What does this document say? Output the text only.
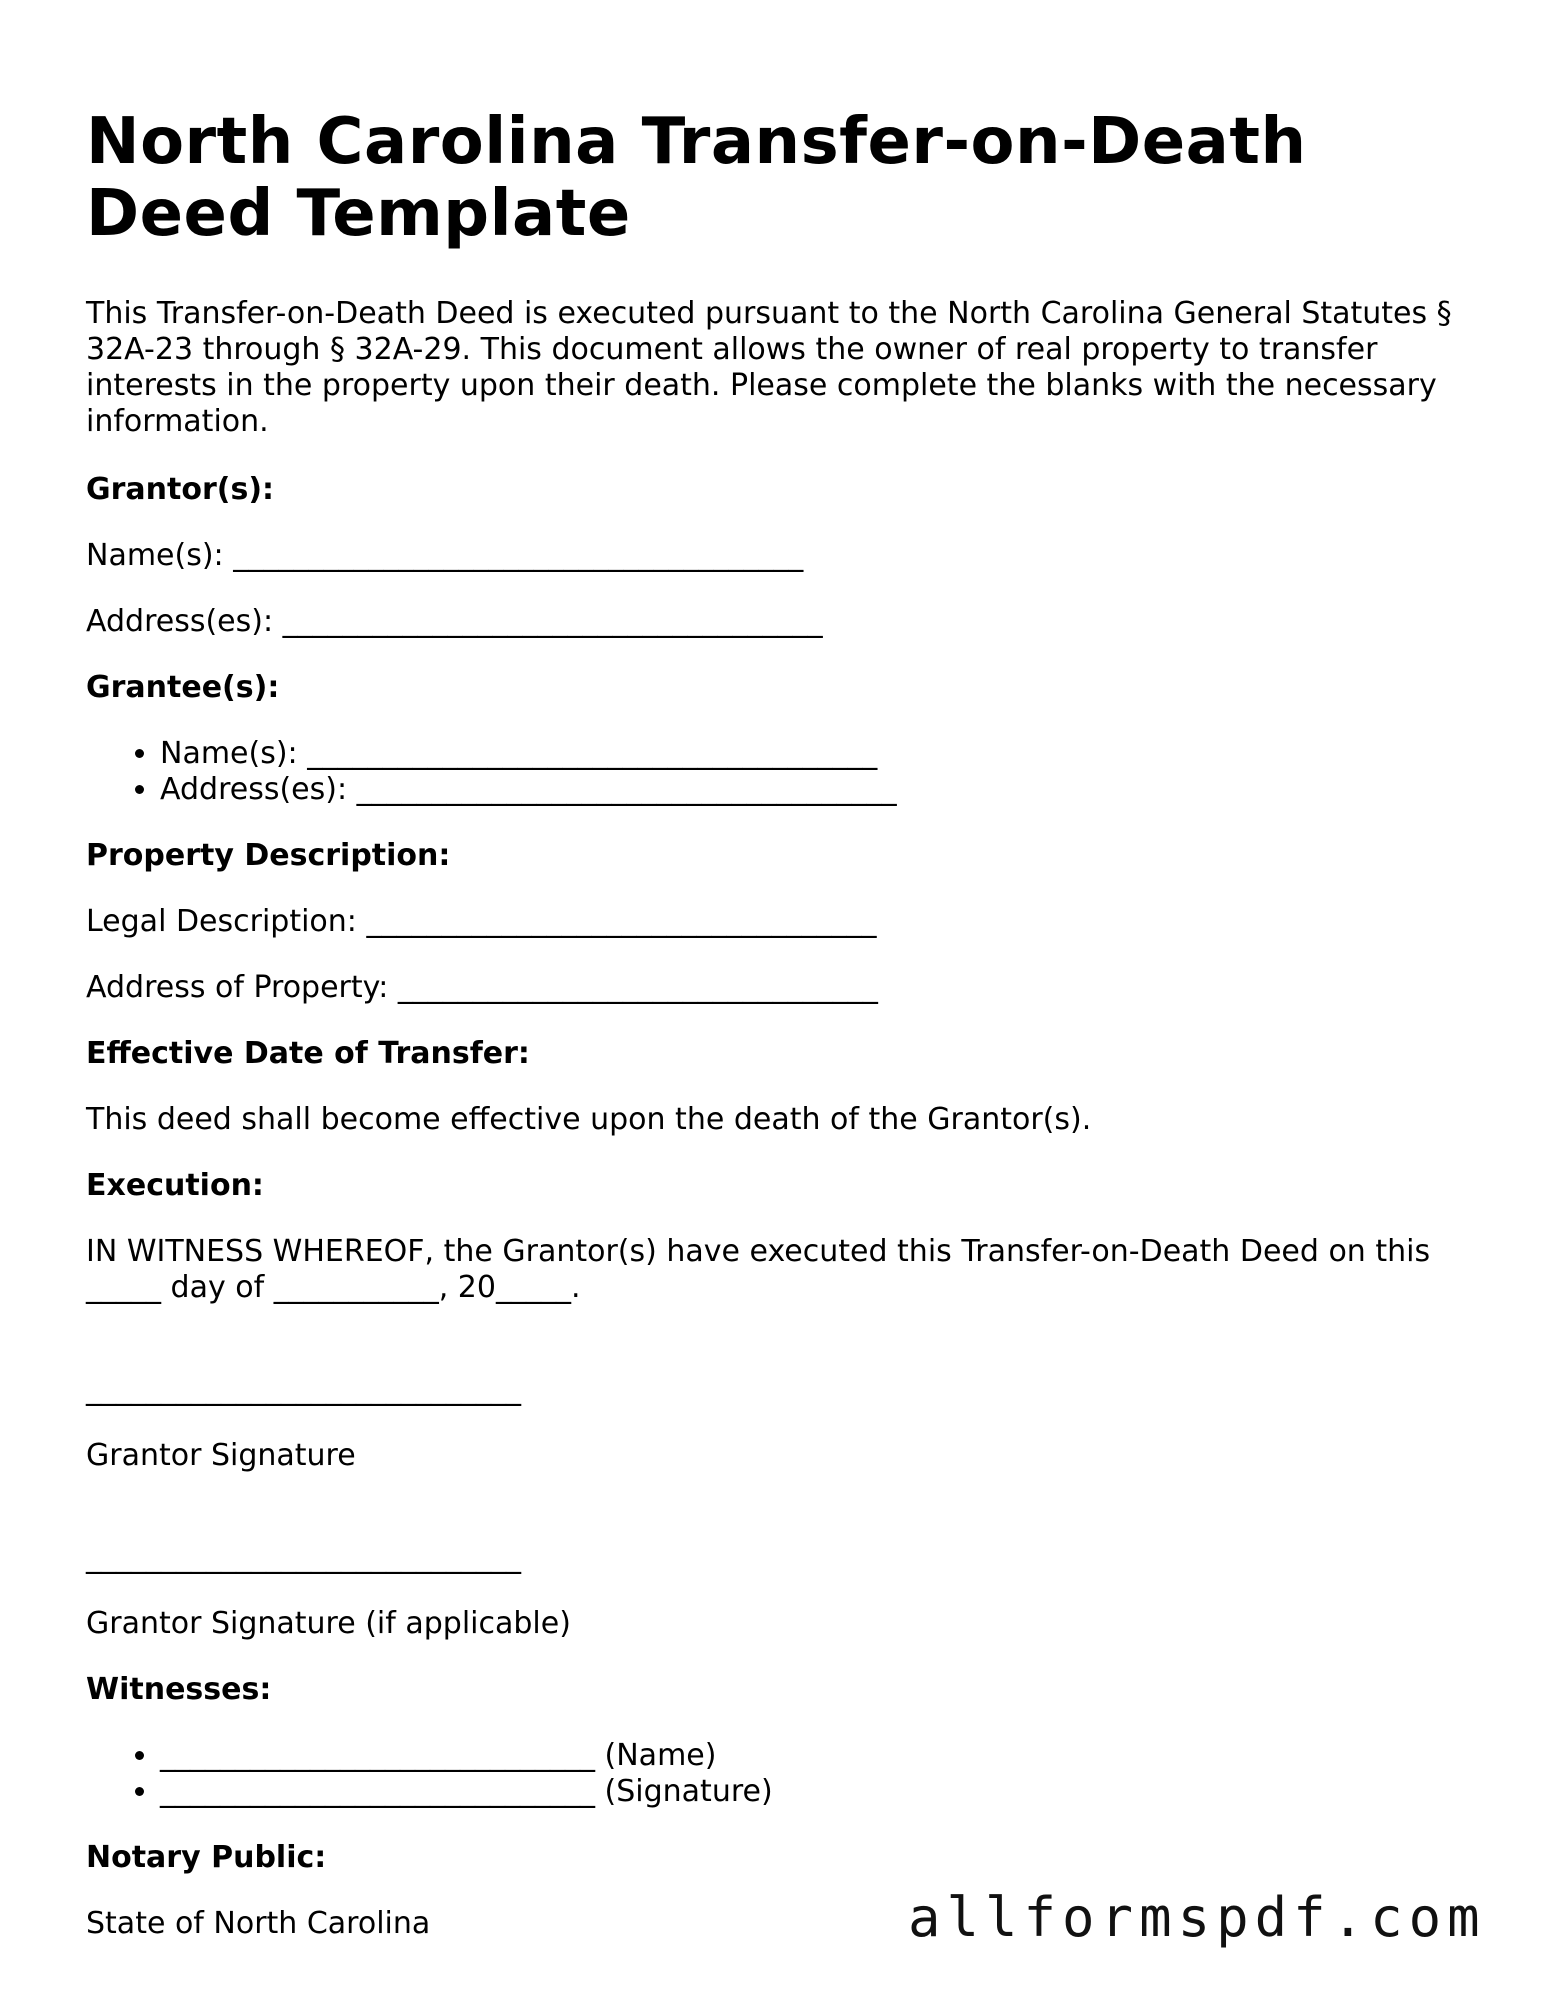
North Carolina Transfer-on-Death Deed Template

This Transfer-on-Death Deed is executed pursuant to the North Carolina General Statutes § 32A-23 through § 32A-29. This document allows the owner of real property to transfer interests in the property upon their death. Please complete the blanks with the necessary information.

Grantor(s):

Name(s): ______________________________________

Address(es): ____________________________________

Grantee(s):
• Name(s): ______________________________________
• Address(es): ____________________________________
Property Description:

Legal Description: __________________________________

Address of Property: ________________________________

Effective Date of Transfer:

This deed shall become effective upon the death of the Grantor(s).

Execution:

IN WITNESS WHEREOF, the Grantor(s) have executed this Transfer-on-Death Deed on this _____ day of ___________, 20_____.

_____________________________

Grantor Signature

_____________________________

Grantor Signature (if applicable)

Witnesses:
• _____________________________ (Name)
• _____________________________ (Signature)
Notary Public:

State of North Carolina	allformspdf.com
